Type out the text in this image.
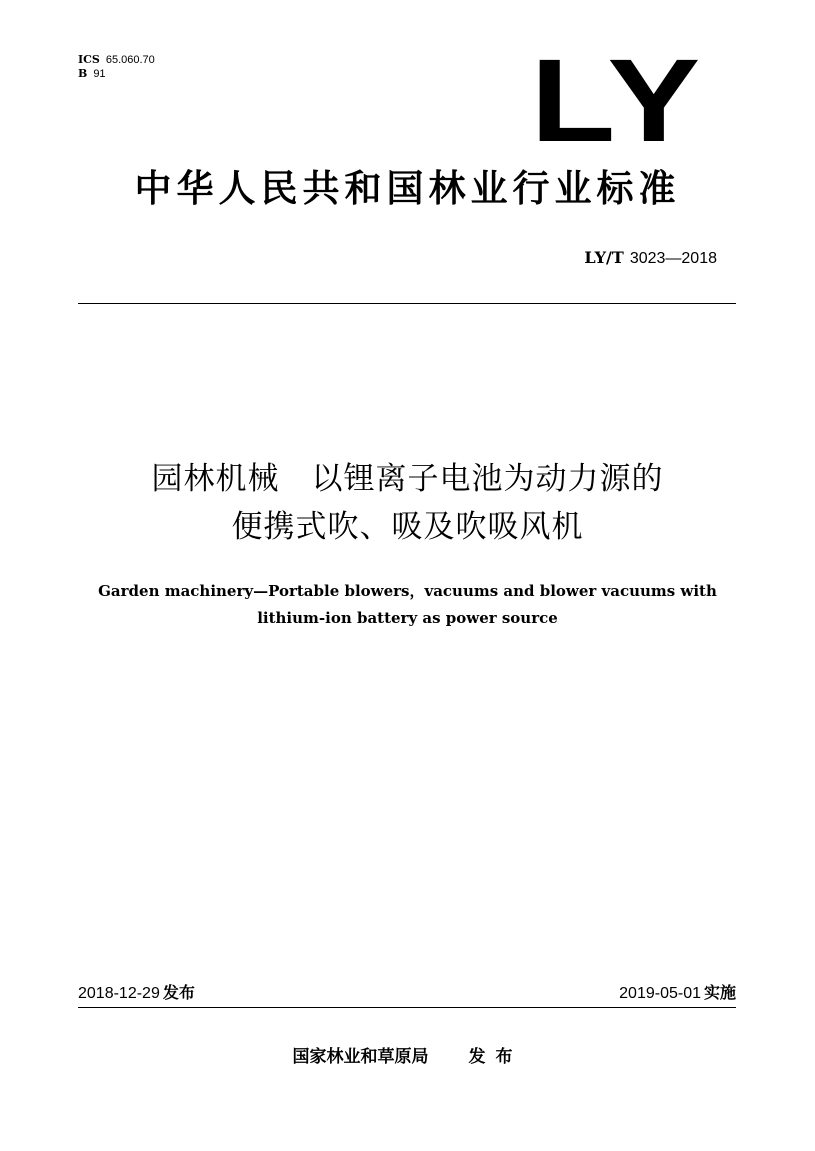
ICS 65.060.70
B 91	LY
中华人民共和国林业行业标准
LY/T 3023—2018
园林机械　以锂离子电池为动力源的
便携式吹、吸及吹吸风机
Garden machinery—Portable blowers，vacuums and blower vacuums with
lithium-ion battery as power source
2018-12-29 发布	2019-05-01 实施
国家林业和草原局 发布
